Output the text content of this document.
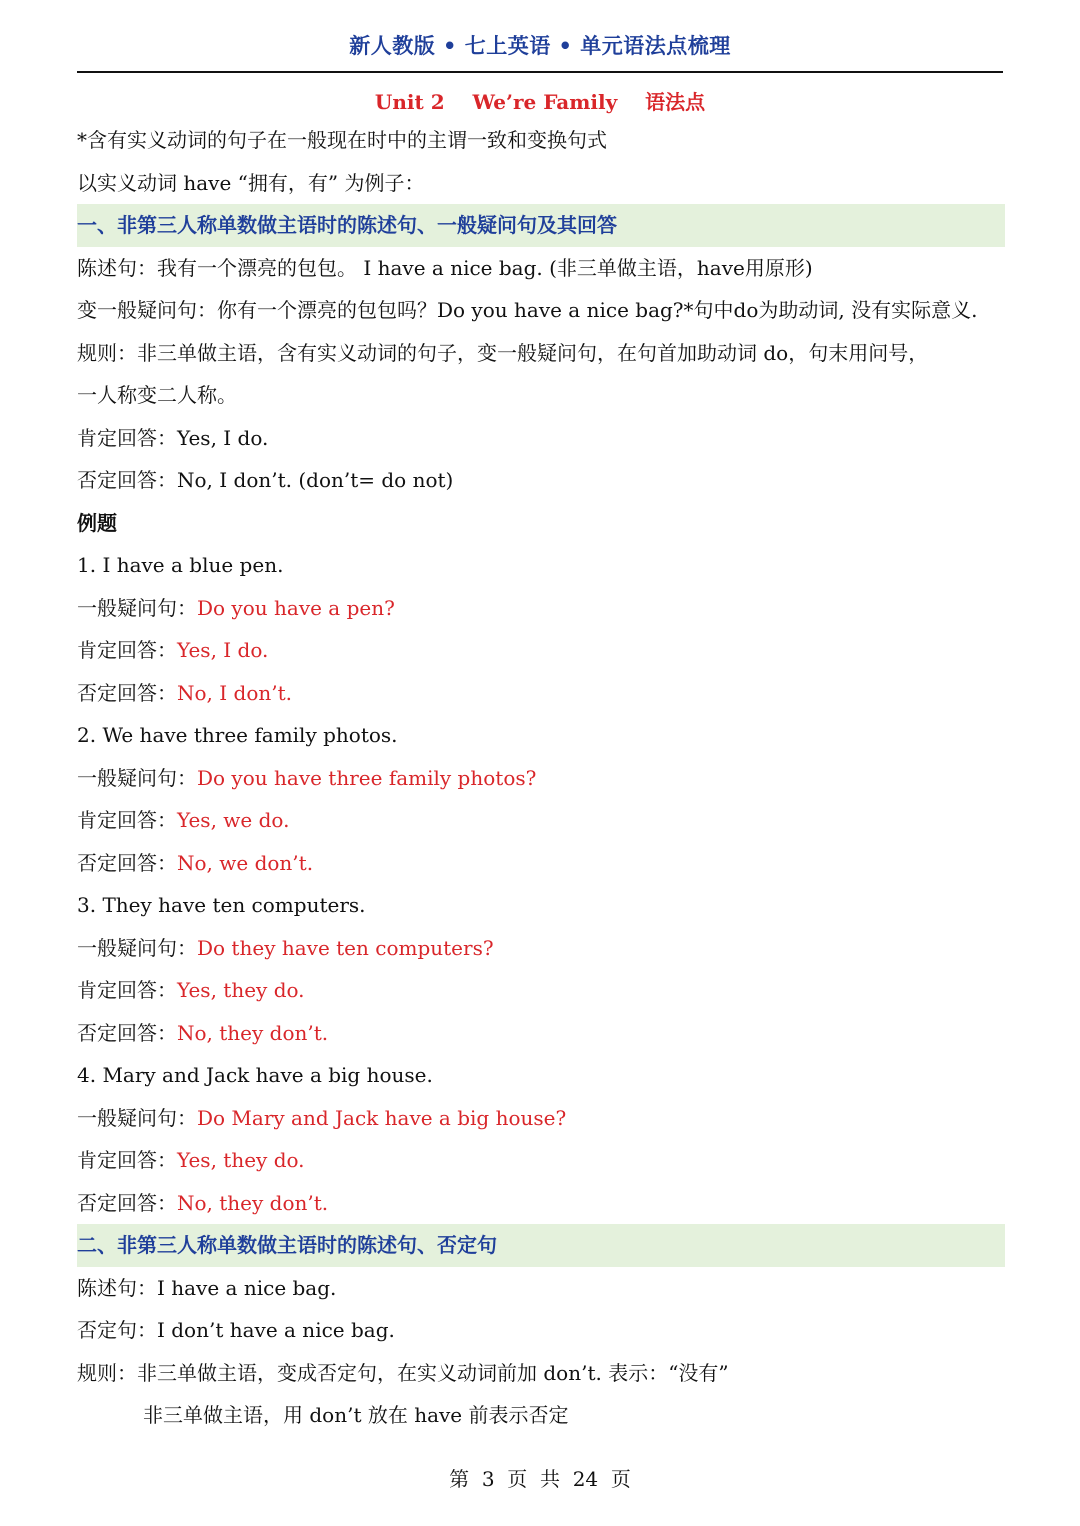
新人教版 • 七上英语 • 单元语法点梳理
Unit 2    We’re Family    语法点
*含有实义动词的句子在一般现在时中的主谓一致和变换句式
以实义动词 have “拥有，有” 为例子：
一、非第三人称单数做主语时的陈述句、一般疑问句及其回答
陈述句：我有一个漂亮的包包。 I have a nice bag. (非三单做主语，have用原形)
变一般疑问句：你有一个漂亮的包包吗？Do you have a nice bag?*句中do为助动词, 没有实际意义.
规则：非三单做主语，含有实义动词的句子，变一般疑问句，在句首加助动词 do，句末用问号，
一人称变二人称。
肯定回答：Yes, I do.
否定回答：No, I don’t. (don’t= do not)
例题
1. I have a blue pen.
一般疑问句：Do you have a pen?
肯定回答：Yes, I do.
否定回答：No, I don’t.
2. We have three family photos.
一般疑问句：Do you have three family photos?
肯定回答：Yes, we do.
否定回答：No, we don’t.
3. They have ten computers.
一般疑问句：Do they have ten computers?
肯定回答：Yes, they do.
否定回答：No, they don’t.
4. Mary and Jack have a big house.
一般疑问句：Do Mary and Jack have a big house?
肯定回答：Yes, they do.
否定回答：No, they don’t.
二、非第三人称单数做主语时的陈述句、否定句
陈述句：I have a nice bag.
否定句：I don’t have a nice bag.
规则：非三单做主语，变成否定句，在实义动词前加 don’t. 表示：“没有”
非三单做主语，用 don’t 放在 have 前表示否定
第  3  页  共  24  页
